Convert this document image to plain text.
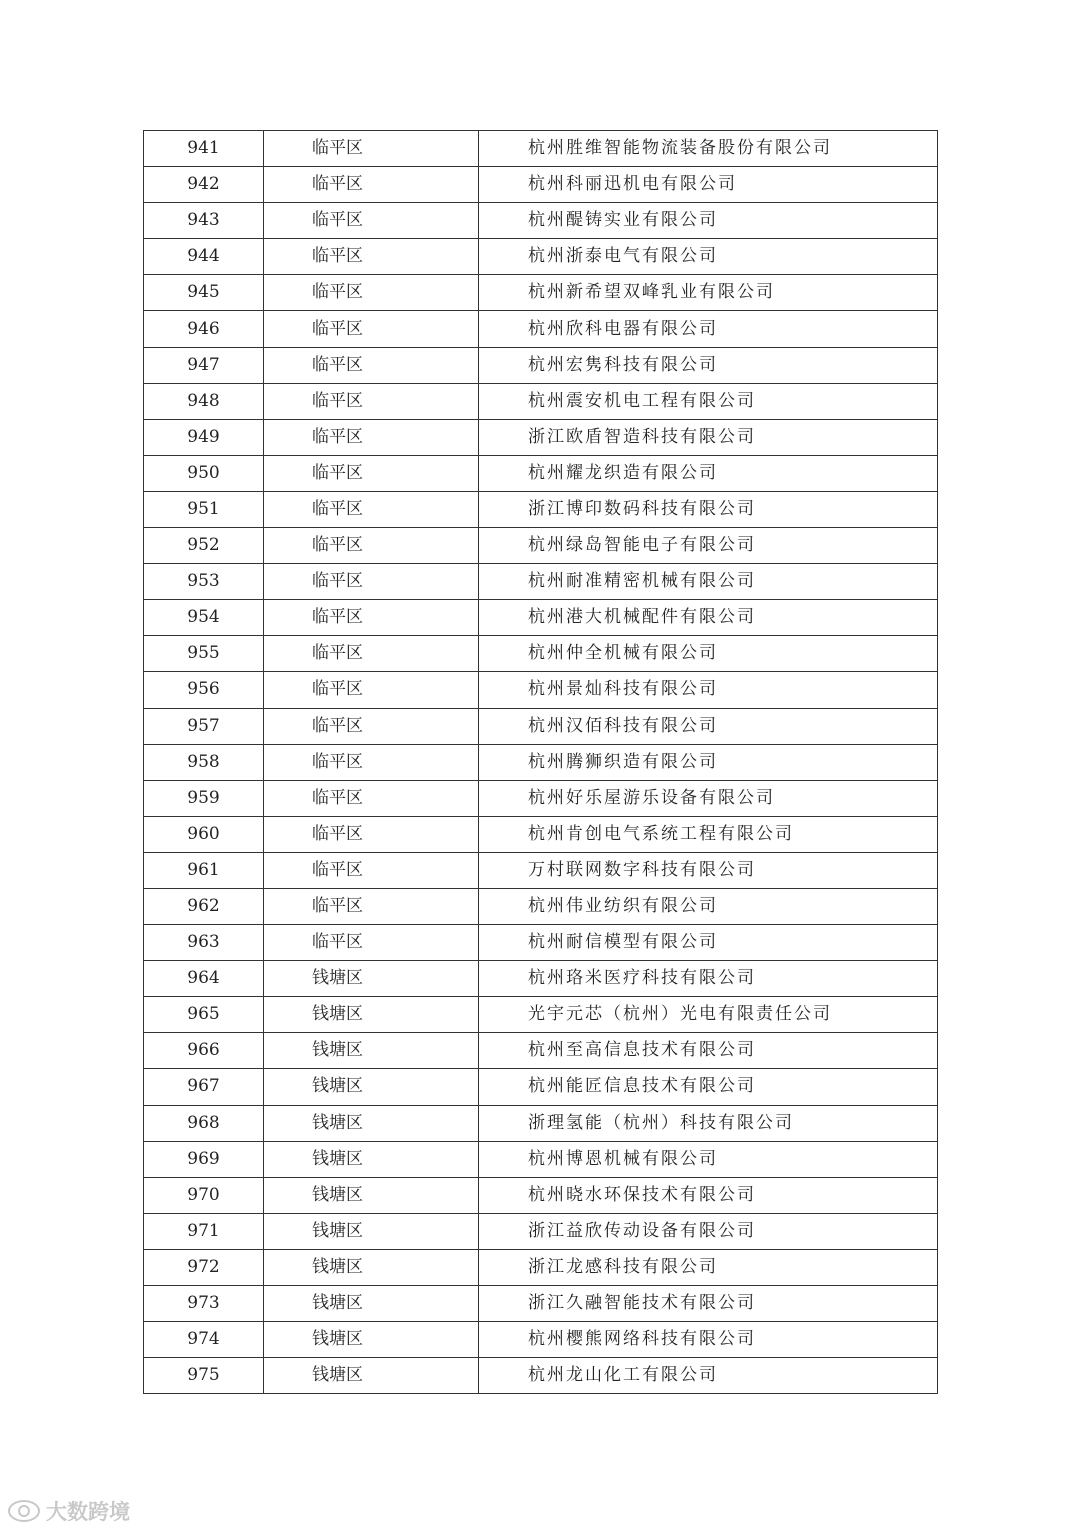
941	临平区	杭州胜维智能物流装备股份有限公司
942	临平区	杭州科丽迅机电有限公司
943	临平区	杭州醍铸实业有限公司
944	临平区	杭州浙泰电气有限公司
945	临平区	杭州新希望双峰乳业有限公司
946	临平区	杭州欣科电器有限公司
947	临平区	杭州宏隽科技有限公司
948	临平区	杭州震安机电工程有限公司
949	临平区	浙江欧盾智造科技有限公司
950	临平区	杭州耀龙织造有限公司
951	临平区	浙江博印数码科技有限公司
952	临平区	杭州绿岛智能电子有限公司
953	临平区	杭州耐准精密机械有限公司
954	临平区	杭州港大机械配件有限公司
955	临平区	杭州仲全机械有限公司
956	临平区	杭州景灿科技有限公司
957	临平区	杭州汉佰科技有限公司
958	临平区	杭州腾狮织造有限公司
959	临平区	杭州好乐屋游乐设备有限公司
960	临平区	杭州肯创电气系统工程有限公司
961	临平区	万村联网数字科技有限公司
962	临平区	杭州伟业纺织有限公司
963	临平区	杭州耐信模型有限公司
964	钱塘区	杭州珞米医疗科技有限公司
965	钱塘区	光宇元芯（杭州）光电有限责任公司
966	钱塘区	杭州至高信息技术有限公司
967	钱塘区	杭州能匠信息技术有限公司
968	钱塘区	浙理氢能（杭州）科技有限公司
969	钱塘区	杭州博恩机械有限公司
970	钱塘区	杭州晓水环保技术有限公司
971	钱塘区	浙江益欣传动设备有限公司
972	钱塘区	浙江龙感科技有限公司
973	钱塘区	浙江久融智能技术有限公司
974	钱塘区	杭州樱熊网络科技有限公司
975	钱塘区	杭州龙山化工有限公司
大数跨境
